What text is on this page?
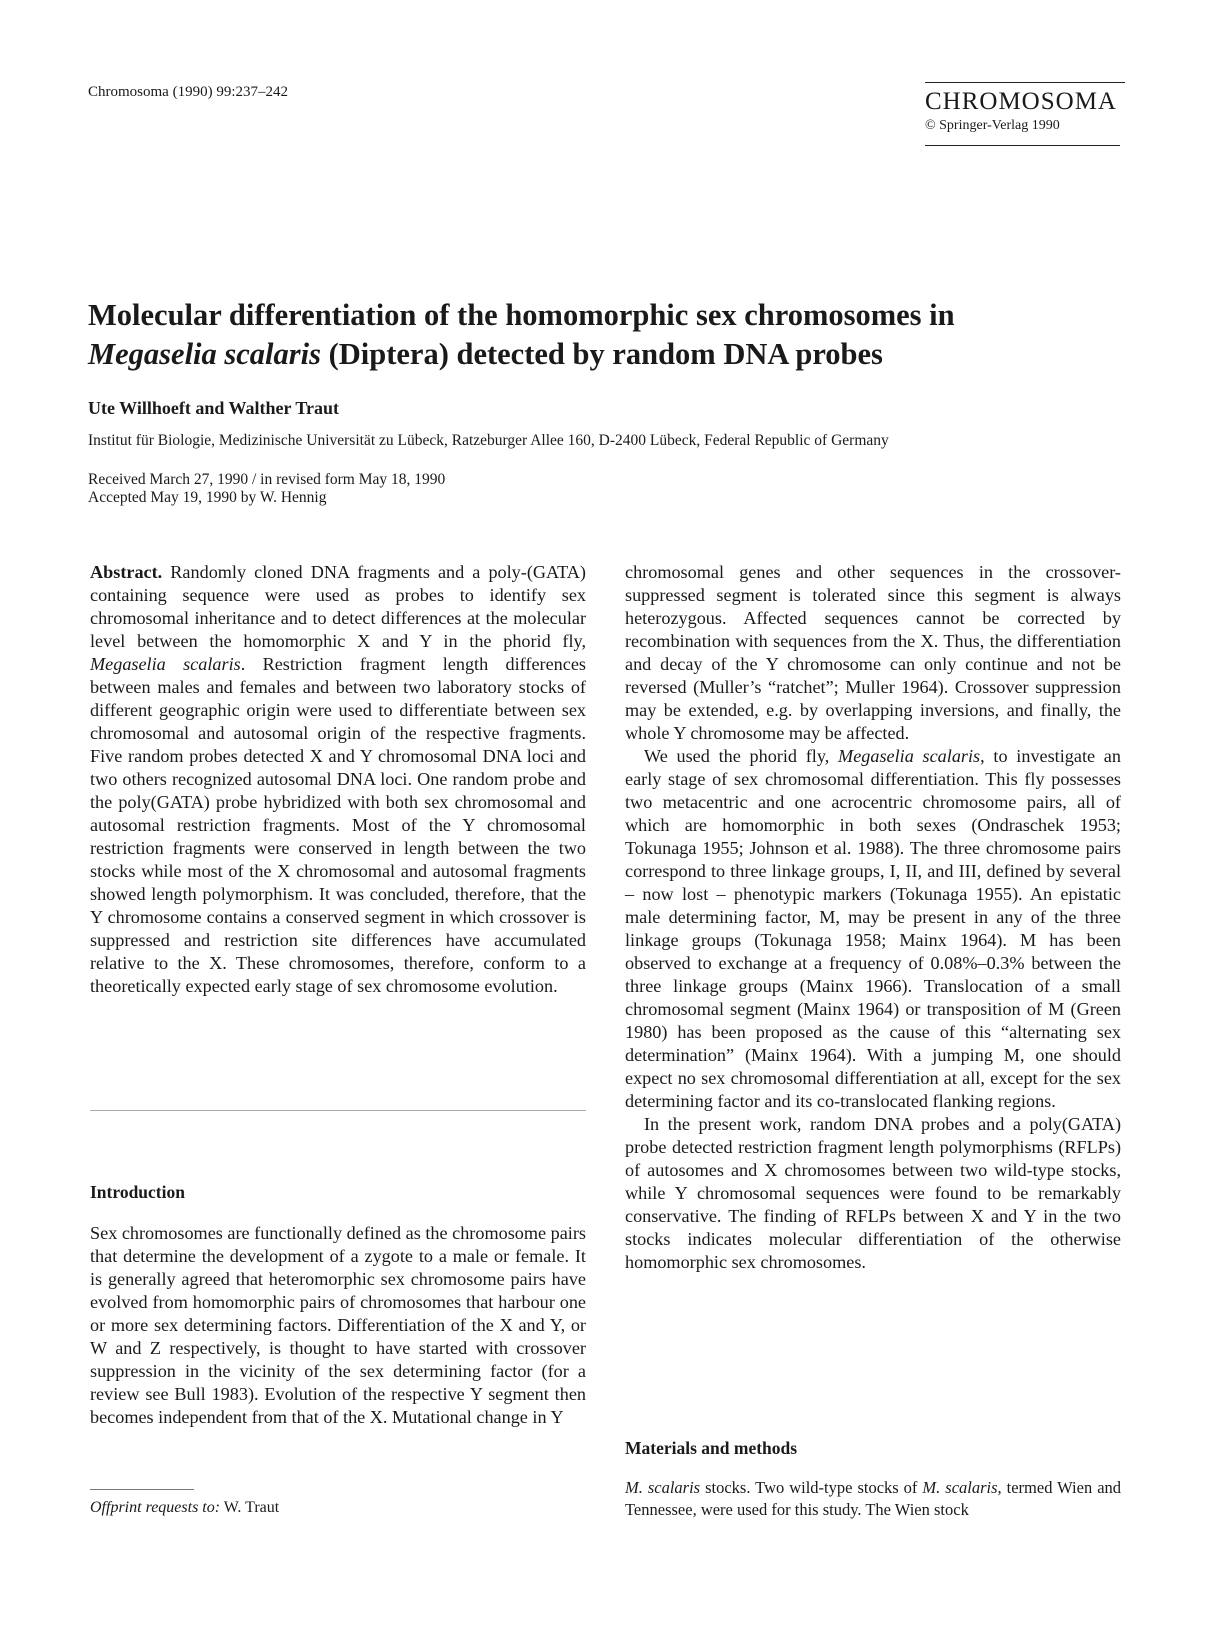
Chromosoma (1990) 99:237–242	CHROMOSOMA
© Springer-Verlag 1990
Molecular differentiation of the homomorphic sex chromosomes in
Megaselia scalaris (Diptera) detected by random DNA probes
Ute Willhoeft and Walther Traut
Institut für Biologie, Medizinische Universität zu Lübeck, Ratzeburger Allee 160, D-2400 Lübeck, Federal Republic of Germany
Received March 27, 1990 / in revised form May 18, 1990
Accepted May 19, 1990 by W. Hennig

Abstract. Randomly cloned DNA fragments and a poly-(GATA) containing sequence were used as probes to identify sex chromosomal inheritance and to detect differences at the molecular level between the homomorphic X and Y in the phorid fly, Megaselia scalaris. Restriction fragment length differences between males and females and between two laboratory stocks of different geographic origin were used to differentiate between sex chromosomal and autosomal origin of the respective fragments. Five random probes detected X and Y chromosomal DNA loci and two others recognized autosomal DNA loci. One random probe and the poly(GATA) probe hybridized with both sex chromosomal and autosomal restriction fragments. Most of the Y chromosomal restriction fragments were conserved in length between the two stocks while most of the X chromosomal and autosomal fragments showed length polymorphism. It was concluded, therefore, that the Y chromosome contains a conserved segment in which crossover is suppressed and restriction site differences have accumulated relative to the X. These chromosomes, therefore, conform to a theoretically expected early stage of sex chromosome evolution.

Introduction

Sex chromosomes are functionally defined as the chromosome pairs that determine the development of a zygote to a male or female. It is generally agreed that heteromorphic sex chromosome pairs have evolved from homomorphic pairs of chromosomes that harbour one or more sex determining factors. Differentiation of the X and Y, or W and Z respectively, is thought to have started with crossover suppression in the vicinity of the sex determining factor (for a review see Bull 1983). Evolution of the respective Y segment then becomes independent from that of the X. Mutational change in Y

chromosomal genes and other sequences in the crossover-suppressed segment is tolerated since this segment is always heterozygous. Affected sequences cannot be corrected by recombination with sequences from the X. Thus, the differentiation and decay of the Y chromosome can only continue and not be reversed (Muller’s “ratchet”; Muller 1964). Crossover suppression may be extended, e.g. by overlapping inversions, and finally, the whole Y chromosome may be affected.

We used the phorid fly, Megaselia scalaris, to investigate an early stage of sex chromosomal differentiation. This fly possesses two metacentric and one acrocentric chromosome pairs, all of which are homomorphic in both sexes (Ondraschek 1953; Tokunaga 1955; Johnson et al. 1988). The three chromosome pairs correspond to three linkage groups, I, II, and III, defined by several – now lost – phenotypic markers (Tokunaga 1955). An epistatic male determining factor, M, may be present in any of the three linkage groups (Tokunaga 1958; Mainx 1964). M has been observed to exchange at a frequency of 0.08%–0.3% between the three linkage groups (Mainx 1966). Translocation of a small chromosomal segment (Mainx 1964) or transposition of M (Green 1980) has been proposed as the cause of this “alternating sex determination” (Mainx 1964). With a jumping M, one should expect no sex chromosomal differentiation at all, except for the sex determining factor and its co-translocated flanking regions.

In the present work, random DNA probes and a poly(GATA) probe detected restriction fragment length polymorphisms (RFLPs) of autosomes and X chromosomes between two wild-type stocks, while Y chromosomal sequences were found to be remarkably conservative. The finding of RFLPs between X and Y in the two stocks indicates molecular differentiation of the otherwise homomorphic sex chromosomes.

Materials and methods

M. scalaris stocks. Two wild-type stocks of M. scalaris, termed Wien and Tennessee, were used for this study. The Wien stock

Offprint requests to: W. Traut
